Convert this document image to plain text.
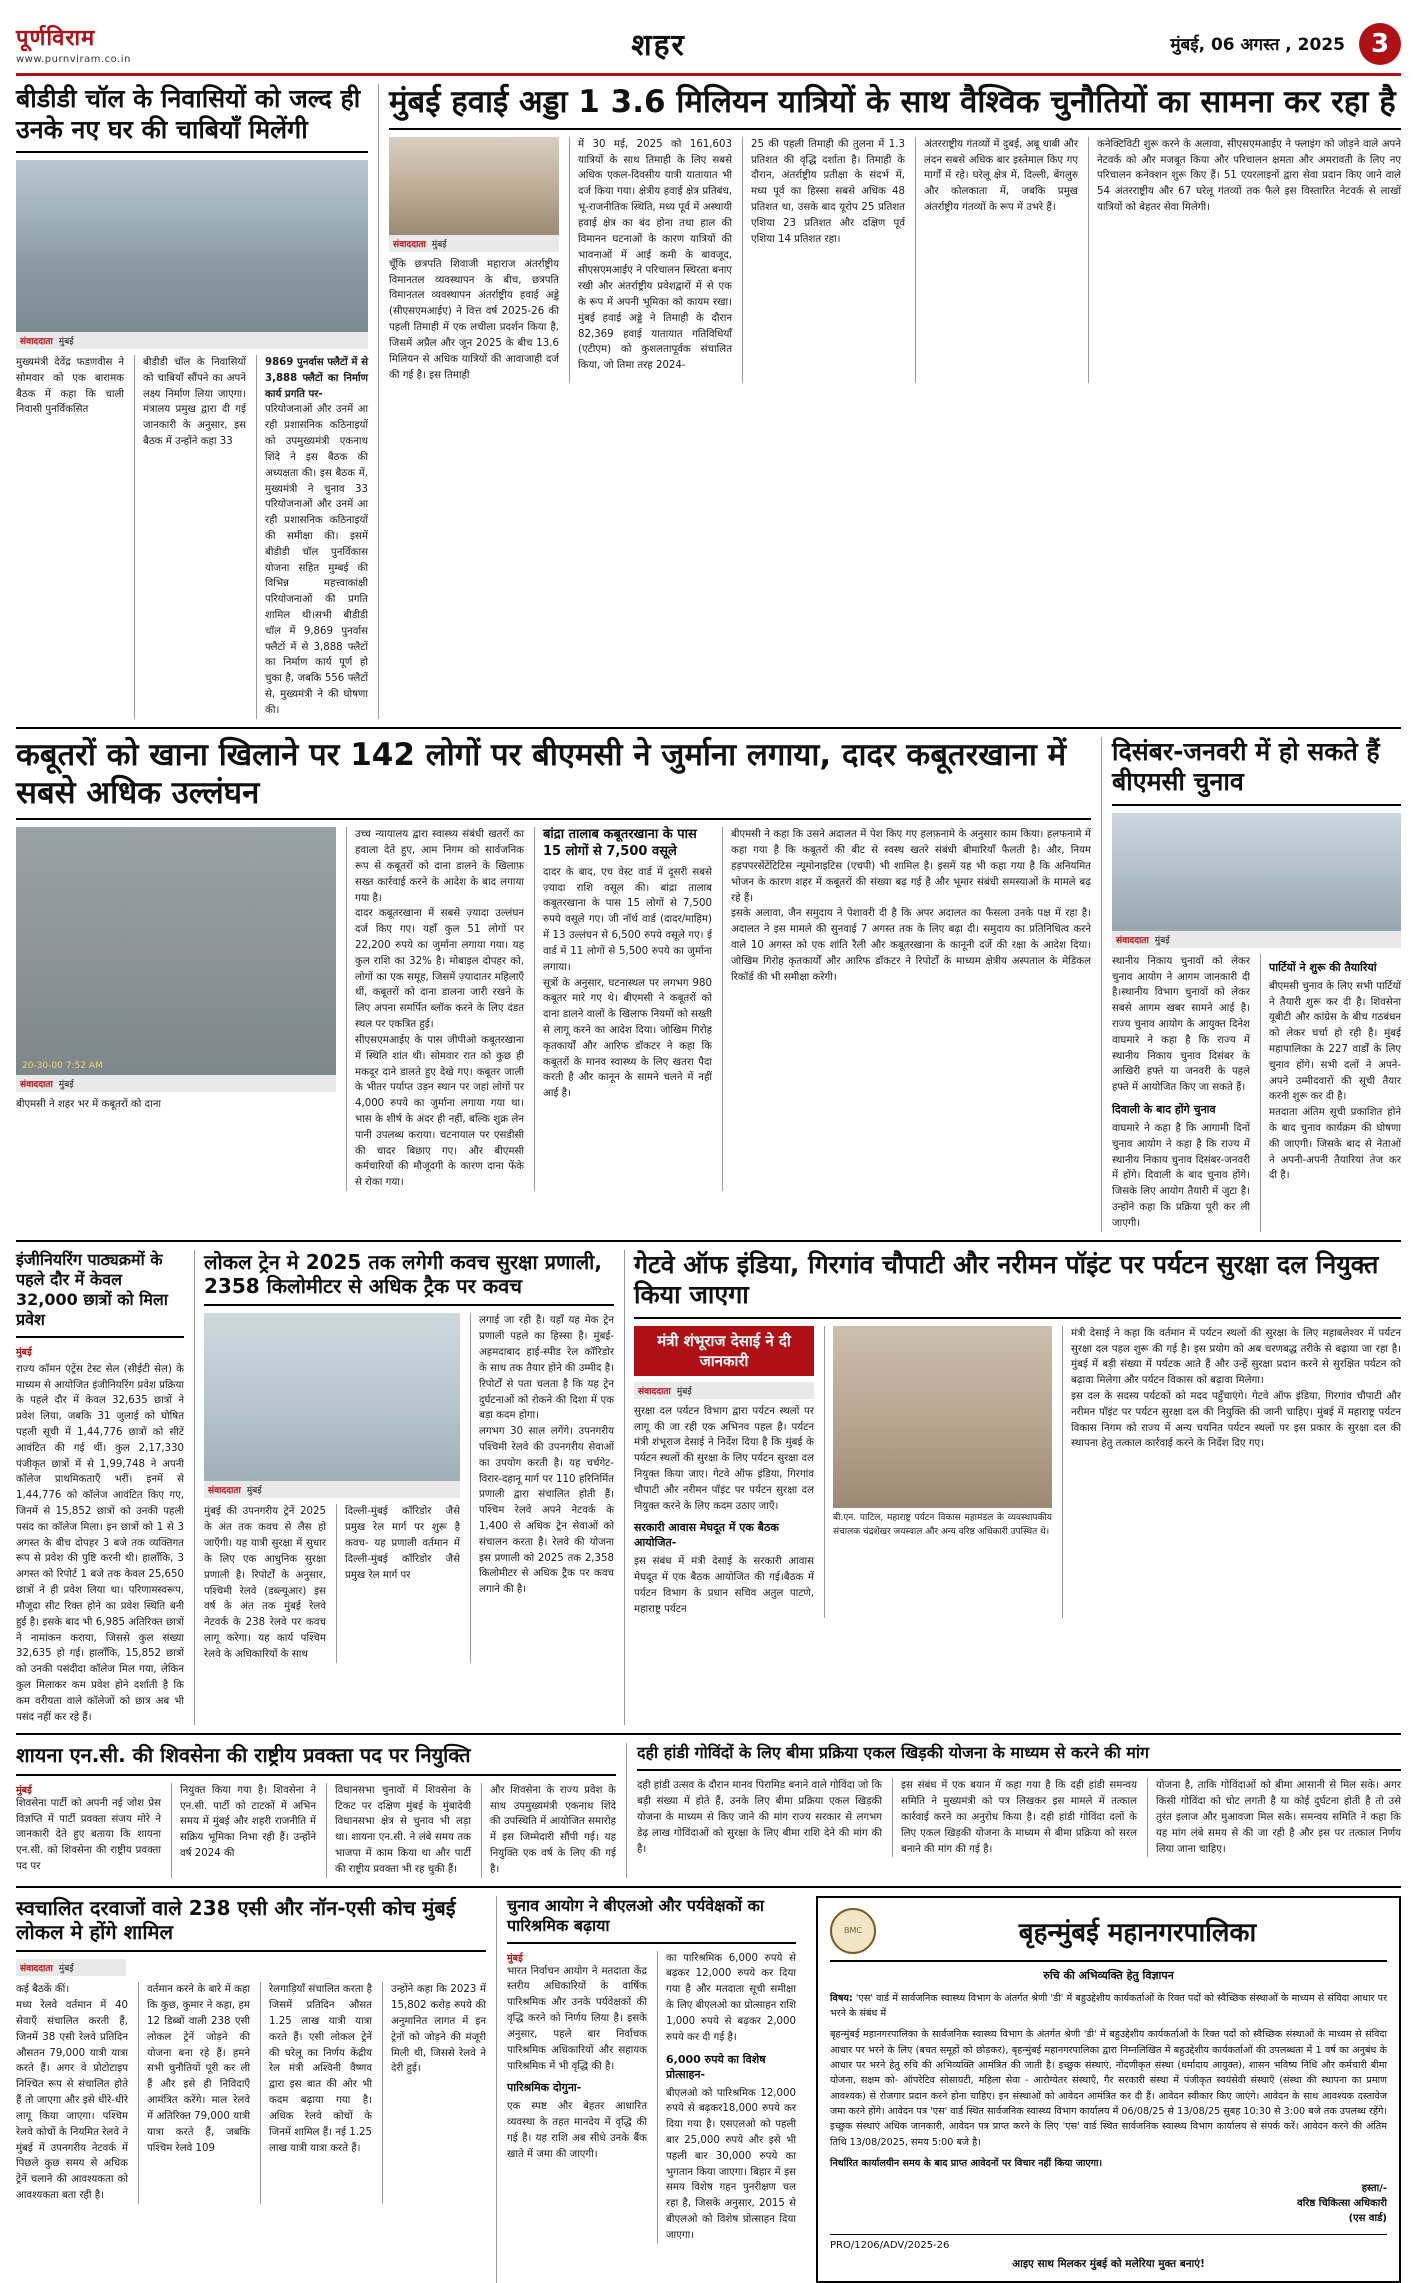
पूर्णविराम
www.purnviram.co.in	शहर	मुंबई, 06 अगस्त , 2025 3
बीडीडी चॉल के निवासियों को जल्द ही उनके नए घर की चाबियाँ मिलेंगी
संवाददाता मुंबई
मुख्यमंत्री देवेंद्र फडणवीस ने सोमवार को एक बारामक बैठक में कहा कि चाली निवासी पुनर्विकसित
बीडीडी चॉल के निवासियों को चाबियाँ सौंपने का अपने लक्ष्य निर्माण लिया जाएगा। मंत्रालय प्रमुख द्वारा दी गई जानकारी के अनुसार, इस बैठक में उन्होंने कहा 33
9869 पुनर्वास फ्लैटों में से 3,888 फ्लैटों का निर्माण कार्य प्रगति पर-
परियोजनाओं और उनमें आ रही प्रशासनिक कठिनाइयों को उपमुख्यमंत्री एकनाथ शिंदे ने इस बैठक की अध्यक्षता की। इस बैठक में, मुख्यमंत्री ने चुनाव 33 परियोजनाओं और उनमें आ रही प्रशासनिक कठिनाइयों की समीक्षा की। इसमें बीडीडी चॉल पुनर्विकास योजना सहित मुम्बई की विभिन्न महत्त्वाकांक्षी परियोजनाओं की प्रगति शामिल थी।सभी बीडीडी चॉल में 9,869 पुनर्वास फ्लैटों में से 3,888 फ्लैटों का निर्माण कार्य पूर्ण हो चुका है, जबकि 556 फ्लैटों से, मुख्यमंत्री ने की घोषणा की।
मुंबई हवाई अड्डा 1 3.6 मिलियन यात्रियों के साथ वैश्विक चुनौतियों का सामना कर रहा है
संवाददाता मुंबई
चूँकि छत्रपति शिवाजी महाराज अंतर्राष्ट्रीय विमानतल व्यवस्थापन के बीच, छत्रपति विमानतल व्यवस्थापन अंतर्राष्ट्रीय हवाई अड्डे (सीएसएमआईए) ने वित्त वर्ष 2025-26 की पहली तिमाही में एक लचीला प्रदर्शन किया है, जिसमें अप्रैल और जून 2025 के बीच 13.6 मिलियन से अधिक यात्रियों की आवाजाही दर्ज की गई है। इस तिमाही
में 30 मई, 2025 को 161,603 यात्रियों के साथ तिमाही के लिए सबसे अधिक एकल-दिवसीय यात्री यातायात भी दर्ज किया गया। क्षेत्रीय हवाई क्षेत्र प्रतिबंध, भू-राजनीतिक स्थिति, मध्य पूर्व में अस्थायी हवाई क्षेत्र का बंद होना तथा हाल की विमानन घटनाओं के कारण यात्रियों की भावनाओं में आई कमी के बावजूद, सीएसएमआईए ने परिचालन स्थिरता बनाए रखी और अंतर्राष्ट्रीय प्रवेशद्वारों में से एक के रूप में अपनी भूमिका को कायम रखा। मुंबई हवाई अड्डे ने तिमाही के दौरान 82,369 हवाई यातायात गतिविधियाँ (एटीएम) को कुशलतापूर्वक संचालित किया, जो तिमा तरह 2024-
25 की पहली तिमाही की तुलना में 1.3 प्रतिशत की वृद्धि दर्शाता है। तिमाही के दौरान, अंतर्राष्ट्रीय प्रतीक्षा के संदर्भ में, मध्य पूर्व का हिस्सा सबसे अधिक 48 प्रतिशत था, उसके बाद यूरोप 25 प्रतिशत एशिया 23 प्रतिशत और दक्षिण पूर्व एशिया 14 प्रतिशत रहा।
अंतरराष्ट्रीय गंतव्यों में दुबई, अबू धाबी और लंदन सबसे अधिक बार इस्तेमाल किए गए मार्गों में रहे। घरेलू क्षेत्र में, दिल्ली, बेंगलुरु और कोलकाता में, जबकि प्रमुख अंतर्राष्ट्रीय गंतव्यों के रूप में उभरे हैं।
कनेक्टिविटी शुरू करने के अलावा, सीएसएमआईए ने फ्लाइंग को जोड़ने वाले अपने नेटवर्क को और मजबूत किया और परिचालन क्षमता और अमरावती के लिए नए परिचालन कनेक्शन शुरू किए हैं। 51 एयरलाइनों द्वारा सेवा प्रदान किए जाने वाले 54 अंतरराष्ट्रीय और 67 घरेलू गंतव्यों तक फैले इस विस्तारित नेटवर्क से लाखों यात्रियों को बेहतर सेवा मिलेगी।
कबूतरों को खाना खिलाने पर 142 लोगों पर बीएमसी ने जुर्माना लगाया, दादर कबूतरखाना में सबसे अधिक उल्लंघन
20-30-00 7:52 AM
संवाददाता मुंबई
बीएमसी ने शहर भर में कबूतरों को दाना
उच्च न्यायालय द्वारा स्वास्थ्य संबंधी खतरों का हवाला देते हुए, आम निगम को सार्वजनिक रूप से कबूतरों को दाना डालने के खिलाफ़ सख्त कार्रवाई करने के आदेश के बाद लगाया गया है।
दादर कबूतरखाना में सबसे ज़्यादा उल्लंघन दर्ज किए गए। यहाँ कुल 51 लोगों पर 22,200 रुपये का जुर्माना लगाया गया। यह कुल राशि का 32% है। मोबाइल दोपहर को, लोगों का एक समूह, जिसमें ज़्यादातर महिलाएँ थीं, कबूतरों को दाना डालना जारी रखने के लिए अपना समर्पित ब्लॉक करने के लिए दंडत स्थल पर एकत्रित हुई।
सीएसएमआईए के पास जीपीओ कबूतरखाना में स्थिति शांत थी। सोमवार रात को कुछ ही मकदूर दाने डालते हुए देखे गए। कबूतर जाली के भीतर पर्याप्त उड़न स्थान पर जहां लोगों पर 4,000 रुपये का जुर्माना लगाया गया था। भास के शीर्ष के अंदर ही नहीं, बल्कि शुक्र लेन पानी उपलब्ध कराया। चटनायाल पर एसडीसी की चादर बिछाए गए। और बीएमसी कर्मचारियों की मौजूदगी के कारण दाना फेंके से रोका गया।
बांद्रा तालाब कबूतरखाना के पास 15 लोगों से 7,500 वसूले
दादर के बाद, एच वेस्ट वार्ड में दूसरी सबसे ज़्यादा राशि वसूल की। बांद्रा तालाब कबूतरखाना के पास 15 लोगों से 7,500 रुपये वसूले गए। जी नॉर्थ वार्ड (दादर/माहिम) में 13 उल्लंघन से 6,500 रुपये वसूले गए। ई वार्ड में 11 लोगों से 5,500 रुपये का जुर्माना लगाया।
सूत्रों के अनुसार, घटनास्थल पर लगभग 980 कबूतर मारे गए थे। बीएमसी ने कबूतरों को दाना डालने वालों के खिलाफ नियमों को सख्ती से लागू करने का आदेश दिया। जोखिम गिरोह कृतकार्यों और आरिफ डॉकटर ने कहा कि कबूतरों के मानव स्वास्थ्य के लिए खतरा पैदा करती है और कानून के सामने चलने में नहीं आई है।
बीएमसी ने कहा कि उसने अदालत में पेश किए गए हलफ़नामे के अनुसार काम किया। हलफनामे में कहा गया है कि कबूतरों की बीट से स्वस्थ खतरे संबंधी बीमारियाँ फैलती है। और, नियम हड़पपरसेंटेंटिटिस न्यूमोनाइटिस (एचपी) भी शामिल है। इसमें यह भी कहा गया है कि अनियमित भोजन के कारण शहर में कबूतरों की संख्या बढ़ गई है और भूमार संबंधी समस्याओं के मामले बढ़ रहे हैं।
इसके अलावा, जैन समुदाय ने पेशावरी दी है कि अपर अदालत का फैसला उनके पक्ष में रहा है। अदालत ने इस मामले की सुनवाई 7 अगस्त तक के लिए बढ़ा दी। समुदाय का प्रतिनिधित्व करने वाले 10 अगस्त को एक शांति रैली और कबूतरखाना के कानूनी दर्जे की रक्षा के आदेश दिया। जोखिम गिरोह कृतकार्यों और आरिफ डॉकटर ने रिपोर्टों के माध्यम क्षेत्रीय अस्पताल के मेडिकल रिकॉर्ड की भी समीक्षा करेगी।
दिसंबर-जनवरी में हो सकते हैं बीएमसी चुनाव
संवाददाता मुंबई
स्थानीय निकाय चुनावों को लेकर चुनाव आयोग ने आगम जानकारी दी है।स्थानीय विभाग चुनावों को लेकर सबसे आगम खबर सामने आई है। राज्य चुनाव आयोग के आयुक्त दिनेश वाघमारे ने कहा है कि राज्य में स्थानीय निकाय चुनाव दिसंबर के आखिरी हफ्ते या जनवरी के पहले हफ्ते में आयोजित किए जा सकते हैं।
दिवाली के बाद होंगे चुनाव
वाघमारे ने कहा है कि आगामी दिनों चुनाव आयोग ने कहा है कि राज्य में स्थानीय निकाय चुनाव दिसंबर-जनवरी में होंगे। दिवाली के बाद चुनाव होंगे। जिसके लिए आयोग तैयारी में जुटा है। उन्होंने कहा कि प्रक्रिया पूरी कर ली जाएगी।
पार्टियों ने शुरू की तैयारियां
बीएमसी चुनाव के लिए सभी पार्टियों ने तैयारी शुरू कर दी है। शिवसेना यूबीटी और कांग्रेस के बीच गठबंधन को लेकर चर्चा हो रही है। मुंबई महापालिका के 227 वार्डों के लिए चुनाव होंगे। सभी दलों ने अपने-अपने उम्मीदवारों की सूची तैयार करनी शुरू कर दी है।
मतदाता अंतिम सूची प्रकाशित होने के बाद चुनाव कार्यक्रम की घोषणा की जाएगी। जिसके बाद से नेताओं ने अपनी-अपनी तैयारियां तेज कर दी है।
इंजीनियरिंग पाठ्यक्रमों के पहले दौर में केवल 32,000 छात्रों को मिला प्रवेश
मुंबई
राज्य कॉमन एंट्रेंस टेस्ट सेल (सीईटी सेल) के माध्यम से आयोजित इंजीनियरिंग प्रवेश प्रक्रिया के पहले दौर में केवल 32,635 छात्रों ने प्रवेश लिया, जबकि 31 जुलाई को घोषित पहली सूची में 1,44,776 छात्रों को सीटें आवंटित की गई थीं। कुल 2,17,330 पंजीकृत छात्रों में से 1,99,748 ने अपनी कॉलेज प्राथमिकताएँ भरीं। इनमें से 1,44,776 को कॉलेज आवंटित किए गए, जिनमें से 15,852 छात्रों को उनकी पहली पसंद का कॉलेज मिला। इन छात्रों को 1 से 3 अगस्त के बीच दोपहर 3 बजे तक व्यक्तिगत रूप से प्रवेश की पुष्टि करनी थी। हालाँकि, 3 अगस्त को रिपोर्ट 1 बजे तक केवल 25,650 छात्रों ने ही प्रवेश लिया था। परिणामस्वरूप, मौजूदा सीट रिक्त होने का प्रवेश स्थिति बनी हुई है। इसके बाद भी 6,985 अतिरिक्त छात्रों ने नामांकन कराया, जिससे कुल संख्या 32,635 हो गई। हालाँकि, 15,852 छात्रों को उनकी पसंदीदा कॉलेज मिल गया, लेकिन कुल मिलाकर कम प्रवेश होने दर्शाती है कि कम वरीयता वाले कॉलेजों को छात्र अब भी पसंद नहीं कर रहे हैं।
लोकल ट्रेन मे 2025 तक लगेगी कवच सुरक्षा प्रणाली, 2358 किलोमीटर से अधिक ट्रैक पर कवच
संवाददाता मुंबई
मुंबई की उपनगरीय ट्रेनें 2025 के अंत तक कवच से लैस हो जाएँगी। यह यात्री सुरक्षा में सुधार के लिए एक आधुनिक सुरक्षा प्रणाली है। रिपोर्टों के अनुसार, पश्चिमी रेलवे (डब्ल्यूआर) इस वर्ष के अंत तक मुंबई रेलवे नेटवर्क के 238 रेलवे पर कवच लागू करेगा। यह कार्य पश्चिम रेलवे के अधिकारियों के साथ
दिल्ली-मुंबई कॉरिडोर जैसे प्रमुख रेल मार्ग पर शुरू है कवच- यह प्रणाली वर्तमान में दिल्ली-मुंबई कॉरिडोर जैसे प्रमुख रेल मार्ग पर
लगाई जा रही है। यहाँ यह मेक ट्रेन प्रणाली पहले का हिस्सा है। मुंबई-अहमदाबाद हाई-स्पीड रेल कॉरिडोर के साथ तक तैयार होने की उम्मीद है। रिपोर्टों से पता चलता है कि यह ट्रेन दुर्घटनाओं को रोकने की दिशा में एक बड़ा कदम होगा।
लगभग 30 साल लगेंगे। उपनगरीय पश्चिमी रेलवे की उपनगरीय सेवाओं का उपयोग करती है। यह चर्चगेट-विरार-दहानू मार्ग पर 110 हरिनिर्मित प्रणाली द्वारा संचालित होती हैं। पश्चिम रेलवे अपने नेटवर्क के 1,400 से अधिक ट्रेन सेवाओं को संचालन करता है। रेलवे की योजना इस प्रणाली को 2025 तक 2,358 किलोमीटर से अधिक ट्रैक पर कवच लगाने की है।
गेटवे ऑफ इंडिया, गिरगांव चौपाटी और नरीमन पॉइंट पर पर्यटन सुरक्षा दल नियुक्त किया जाएगा
मंत्री शंभूराज देसाई ने दी जानकारी
संवाददाता मुंबई
सुरक्षा दल पर्यटन विभाग द्वारा पर्यटन स्थलों पर लागू की जा रही एक अभिनव पहल है। पर्यटन मंत्री शंभूराज देसाई ने निर्देश दिया है कि मुंबई के पर्यटन स्थलों की सुरक्षा के लिए पर्यटन सुरक्षा दल नियुक्त किया जाए। गेटवे ऑफ इंडिया, गिरगांव चौपाटी और नरीमन पॉइंट पर पर्यटन सुरक्षा दल नियुक्त करने के लिए कदम उठाए जाएँ।
सरकारी आवास मेघदूत में एक बैठक आयोजित-
इस संबंध में मंत्री देसाई के सरकारी आवास मेघदूत में एक बैठक आयोजित की गई।बैठक में पर्यटन विभाग के प्रधान सचिव अतुल पाटणे, महाराष्ट्र पर्यटन
बी.एन. पाटिल, महाराष्ट्र पर्यटन विकास महामंडल के व्यवस्थापकीय संचालक चंद्रशेखर जयस्वाल और अन्य वरिष्ठ अधिकारी उपस्थित थे।
मंत्री देसाई ने कहा कि वर्तमान में पर्यटन स्थलों की सुरक्षा के लिए महाबलेश्वर में पर्यटन सुरक्षा दल पहल शुरू की गई है। इस प्रयोग को अब चरणबद्ध तरीके से बढ़ाया जा रहा है। मुंबई में बड़ी संख्या में पर्यटक आते हैं और उन्हें सुरक्षा प्रदान करने से सुरक्षित पर्यटन को बढ़ावा मिलेगा और पर्यटन विकास को बढ़ावा मिलेगा।
इस दल के सदस्य पर्यटकों को मदद पहुँचाएंगे। गेटवे ऑफ इंडिया, गिरगांव चौपाटी और नरीमन पॉइंट पर पर्यटन सुरक्षा दल की नियुक्ति की जानी चाहिए। मुंबई में महाराष्ट्र पर्यटन विकास निगम को राज्य में अन्य चयनित पर्यटन स्थलों पर इस प्रकार के सुरक्षा दल की स्थापना हेतु तत्काल कार्रवाई करने के निर्देश दिए गए।
शायना एन.सी. की शिवसेना की राष्ट्रीय प्रवक्ता पद पर नियुक्ति
मुंबई
शिवसेना पार्टी को अपनी नई जोश प्रेस विज्ञप्ति में पार्टी प्रवक्ता संजय मोरे ने जानकारी देते हुए बताया कि शायना एन.सी. को शिवसेना की राष्ट्रीय प्रवक्ता पद पर
नियुक्त किया गया है। शिवसेना ने एन.सी. पार्टी को टाटकों में अभिन समय में मुंबई और शहरी राजनीति में सक्रिय भूमिका निभा रही हैं। उन्होंने वर्ष 2024 की
विधानसभा चुनावों में शिवसेना के टिकट पर दक्षिण मुंबई के मुंबादेवी विधानसभा क्षेत्र से चुनाव भी लड़ा था। शायना एन.सी. ने लंबे समय तक भाजपा में काम किया था और पार्टी की राष्ट्रीय प्रवक्ता भी रह चुकी हैं।
और शिवसेना के राज्य प्रवेश के साथ उपमुख्यमंत्री एकनाथ शिंदे की उपस्थिति में आयोजित समारोह में इस जिम्मेदारी सौंपी गई। यह नियुक्ति एक वर्ष के लिए की गई है।
दही हांडी गोविंदों के लिए बीमा प्रक्रिया एकल खिड़की योजना के माध्यम से करने की मांग
दही हांडी उत्सव के दौरान मानव पिरामिड बनाने वाले गोविंदा जो कि बड़ी संख्या में होते हैं, उनके लिए बीमा प्रक्रिया एकल खिड़की योजना के माध्यम से किए जाने की मांग राज्य सरकार से लगभग डेढ़ लाख गोविंदाओं को सुरक्षा के लिए बीमा राशि देने की मांग की है।
इस संबंध में एक बयान में कहा गया है कि दही हांडी समन्वय समिति ने मुख्यमंत्री को पत्र लिखकर इस मामले में तत्काल कार्रवाई करने का अनुरोध किया है। दही हांडी गोविंदा दलों के लिए एकल खिड़की योजना के माध्यम से बीमा प्रक्रिया को सरल बनाने की मांग की गई है।
योजना है, ताकि गोविंदाओं को बीमा आसानी से मिल सके। अगर किसी गोविंदा को चोट लगती है या कोई दुर्घटना होती है तो उसे तुरंत इलाज और मुआवजा मिल सके। समन्वय समिति ने कहा कि यह मांग लंबे समय से की जा रही है और इस पर तत्काल निर्णय लिया जाना चाहिए।
स्वचालित दरवाजों वाले 238 एसी और नॉन-एसी कोच मुंबई लोकल मे होंगे शामिल
संवाददाता मुंबई
कई बैठकें कीं।
मध्य रेलवे वर्तमान में 40 सेवाएँ संचालित करती हैं, जिनमें 38 एसी रेलवे प्रतिदिन औसतन 79,000 यात्री यात्रा करते हैं। अगर वे प्रोटोटाइप निश्चित रूप से संचालित होते हैं तो जाएगा और इसे धीरे-धीरे लागू किया जाएगा। पश्चिम रेलवे कोचों के नियमित रेलवे ने मुंबई में उपनगरीय नेटवर्क में पिछले कुछ समय से अधिक ट्रेनें चलाने की आवश्यकता को आवश्यकता बता रही है।
वर्तमान करने के बारे में कहा कि कुछ, कुमार ने कहा, हम 12 डिब्बों वाली 238 एसी लोकल ट्रेनें जोड़ने की योजना बना रहे हैं। हमने सभी चुनौतियों पूरी कर ली हैं और इसे ही निविदाएँ आमंत्रित करेंगे। माल रेलवे में अतिरिक्त 79,000 यात्री यात्रा करते हैं, जबकि पश्चिम रेलवे 109
रेलगाड़ियाँ संचालित करता है जिसमें प्रतिदिन औसत 1.25 लाख यात्री यात्रा करते हैं। एसी लोकल ट्रेनें की घरेलू का निर्णय केंद्रीय रेल मंत्री अश्विनी वैष्णव द्वारा इस बात की ओर भी कदम बढ़ाया गया है। अधिक रेलवे कोचों के जिनमें शामिल हैं। नई 1.25 लाख यात्री यात्रा करते हैं।
उन्होंने कहा कि 2023 में 15,802 करोड़ रुपये की अनुमानित लागत में इन ट्रेनों को जोड़ने की मंजूरी मिली थी, जिससे रेलवे ने देरी हुई।
चुनाव आयोग ने बीएलओ और पर्यवेक्षकों का पारिश्रमिक बढ़ाया
मुंबई
भारत निर्वाचन आयोग ने मतदाता केंद्र स्तरीय अधिकारियों के वार्षिक पारिश्रमिक और उनके पर्यवेक्षकों की वृद्धि करने को निर्णय लिया है। इसके अनुसार, पहले बार निर्वाचक पारिश्रमिक अधिकारियों और सहायक पारिश्रमिक में भी वृद्धि की है।
पारिश्रमिक दोगुना-
एक स्पष्ट और बेहतर आधारित व्यवस्था के तहत मानदेय में वृद्धि की गई है। यह राशि अब सीधे उनके बैंक खाते में जमा की जाएगी।
का पारिश्रमिक 6,000 रुपये से बढ़कर 12,000 रुपये कर दिया गया है और मतदाता सूची समीक्षा के लिए बीएलओ का प्रोत्साहन राशि 1,000 रुपये से बढ़कर 2,000 रुपये कर दी गई है।
6,000 रुपये का विशेष प्रोत्साहन-
बीएलओ को पारिश्रमिक 12,000 रुपये से बढ़कर18,000 रुपये कर दिया गया है। एसएलओ को पहली बार 25,000 रुपये और इसे भी पहली बार 30,000 रुपये का भुगतान किया जाएगा। बिहार में इस समय विशेष गहन पुनरीक्षण चल रहा है, जिसके अनुसार, 2015 से बीएलओ को विशेष प्रोत्साहन दिया जाएगा।
BMC	बृहन्मुंबई महानगरपालिका
रुचि की अभिव्यक्ति हेतु विज्ञापन
विषय: 'एस' वार्ड में सार्वजनिक स्वास्थ्य विभाग के अंतर्गत श्रेणी 'डी' में बहुउद्देशीय कार्यकर्ताओं के रिक्त पदों को स्वैच्छिक संस्थाओं के माध्यम से संविदा आधार पर भरने के संबंध में
बृहन्मुंबई महानगरपालिका के सार्वजनिक स्वास्थ्य विभाग के अंतर्गत श्रेणी 'डी' में बहुउद्देशीय कार्यकर्ताओं के रिक्त पदों को स्वैच्छिक संस्थाओं के माध्यम से संविदा आधार पर भरने के लिए (बचत समूहों को छोड़कर), बृहन्मुंबई महानगरपालिका द्वारा निम्नलिखित में बहुउद्देशीय कार्यकर्ताओं की उपलब्धता में 1 वर्ष का अनुबंध के आधार पर भरने हेतु रुचि की अभिव्यक्ति आमंत्रित की जाती है। इच्छुक संस्थाएं, नोंदणीकृत संस्था (धर्मादाय आयुक्त), शासन भविष्य निधि और कर्मचारी बीमा योजना, सक्षम को- ऑपरेटिव सोसायटी, महिला सेवा - आरोग्येतर संस्थाएँ, गैर सरकारी संस्था में पंजीकृत स्वयंसेवी संस्थाएँ (संस्था की स्थापना का प्रमाण आवश्यक) से रोजगार प्रदान करने होना चाहिए। इन संस्थाओं को आवेदन आमंत्रित कर दी हैं। आवेदन स्वीकार किए जाएंगे। आवेदन के साथ आवश्यक दस्तावेज जमा करने होंगे। आवेदन पत्र 'एस' वार्ड स्थित सार्वजनिक स्वास्थ्य विभाग कार्यालय में 06/08/25 से 13/08/25 सुबह 10:30 से 3:00 बजे तक उपलब्ध रहेंगे। इच्छुक संस्थाएं अधिक जानकारी, आवेदन पत्र प्राप्त करने के लिए 'एस' वार्ड स्थित सार्वजनिक स्वास्थ्य विभाग कार्यालय से संपर्क करें। आवेदन करने की अंतिम तिथि 13/08/2025, समय 5:00 बजे है।
निर्धारित कार्यालयीन समय के बाद प्राप्त आवेदनों पर विचार नहीं किया जाएगा।
हस्ता/-
वरिष्ठ चिकित्सा अधिकारी
(एस वार्ड)
PRO/1206/ADV/2025-26
आइए साथ मिलकर मुंबई को मलेरिया मुक्त बनाएं!
